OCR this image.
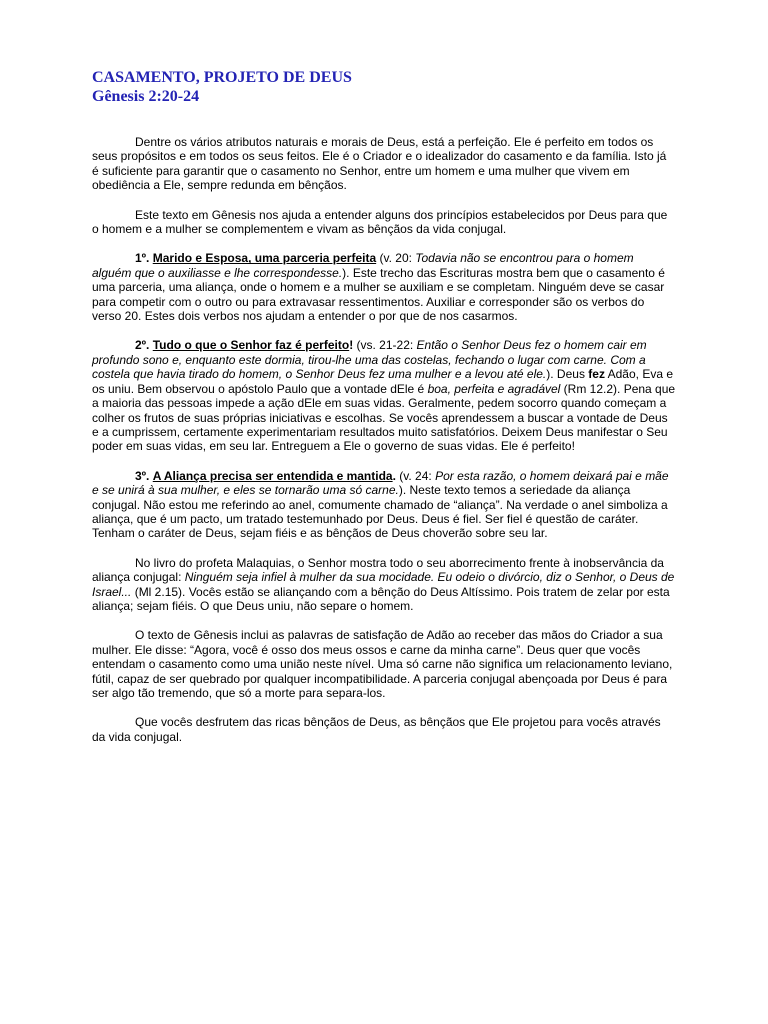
CASAMENTO, PROJETO DE DEUS
Gênesis 2:20-24

Dentre os vários atributos naturais e morais de Deus, está a perfeição. Ele é perfeito em todos os seus propósitos e em todos os seus feitos. Ele é o Criador e o idealizador do casamento e da família. Isto já é suficiente para garantir que o casamento no Senhor, entre um homem e uma mulher que vivem em obediência a Ele, sempre redunda em bênçãos.

Este texto em Gênesis nos ajuda a entender alguns dos princípios estabelecidos por Deus para que o homem e a mulher se complementem e vivam as bênçãos da vida conjugal.

1º. Marido e Esposa, uma parceria perfeita (v. 20: Todavia não se encontrou para o homem alguém que o auxiliasse e lhe correspondesse.). Este trecho das Escrituras mostra bem que o casamento é uma parceria, uma aliança, onde o homem e a mulher se auxiliam e se completam. Ninguém deve se casar para competir com o outro ou para extravasar ressentimentos. Auxiliar e corresponder são os verbos do verso 20. Estes dois verbos nos ajudam a entender o por que de nos casarmos.

2º. Tudo o que o Senhor faz é perfeito! (vs. 21-22: Então o Senhor Deus fez o homem cair em profundo sono e, enquanto este dormia, tirou-lhe uma das costelas, fechando o lugar com carne. Com a costela que havia tirado do homem, o Senhor Deus fez uma mulher e a levou até ele.). Deus fez Adão, Eva e os uniu. Bem observou o apóstolo Paulo que a vontade dEle é boa, perfeita e agradável (Rm 12.2). Pena que a maioria das pessoas impede a ação dEle em suas vidas. Geralmente, pedem socorro quando começam a colher os frutos de suas próprias iniciativas e escolhas. Se vocês aprendessem a buscar a vontade de Deus e a cumprissem, certamente experimentariam resultados muito satisfatórios. Deixem Deus manifestar o Seu poder em suas vidas, em seu lar. Entreguem a Ele o governo de suas vidas. Ele é perfeito!

3º. A Aliança precisa ser entendida e mantida. (v. 24: Por esta razão, o homem deixará pai e mãe e se unirá à sua mulher, e eles se tornarão uma só carne.). Neste texto temos a seriedade da aliança conjugal. Não estou me referindo ao anel, comumente chamado de “aliança”. Na verdade o anel simboliza a aliança, que é um pacto, um tratado testemunhado por Deus. Deus é fiel. Ser fiel é questão de caráter. Tenham o caráter de Deus, sejam fiéis e as bênçãos de Deus choverão sobre seu lar.

No livro do profeta Malaquias, o Senhor mostra todo o seu aborrecimento frente à inobservância da aliança conjugal: Ninguém seja infiel à mulher da sua mocidade. Eu odeio o divórcio, diz o Senhor, o Deus de Israel... (Ml 2.15). Vocês estão se aliançando com a bênção do Deus Altíssimo. Pois tratem de zelar por esta aliança; sejam fiéis. O que Deus uniu, não separe o homem.

O texto de Gênesis inclui as palavras de satisfação de Adão ao receber das mãos do Criador a sua mulher. Ele disse: “Agora, você é osso dos meus ossos e carne da minha carne”. Deus quer que vocês entendam o casamento como uma união neste nível. Uma só carne não significa um relacionamento leviano, fútil, capaz de ser quebrado por qualquer incompatibilidade. A parceria conjugal abençoada por Deus é para ser algo tão tremendo, que só a morte para separa-los.

Que vocês desfrutem das ricas bênçãos de Deus, as bênçãos que Ele projetou para vocês através da vida conjugal.
